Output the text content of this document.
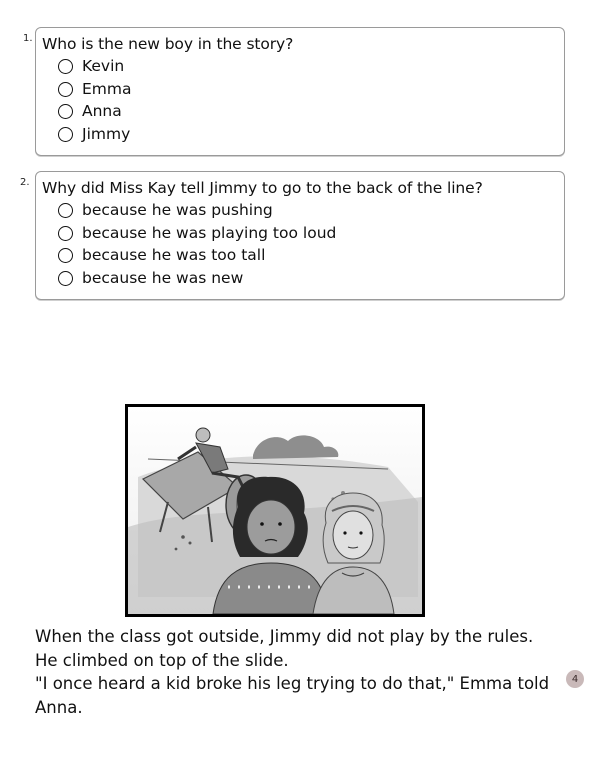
1. Who is the new boy in the story?
Kevin
Emma
Anna
Jimmy
2. Why did Miss Kay tell Jimmy to go to the back of the line?
because he was pushing
because he was playing too loud
because he was too tall
because he was new

When the class got outside, Jimmy did not play by the rules. He climbed on top of the slide.

"I once heard a kid broke his leg trying to do that," Emma told Anna.

4
